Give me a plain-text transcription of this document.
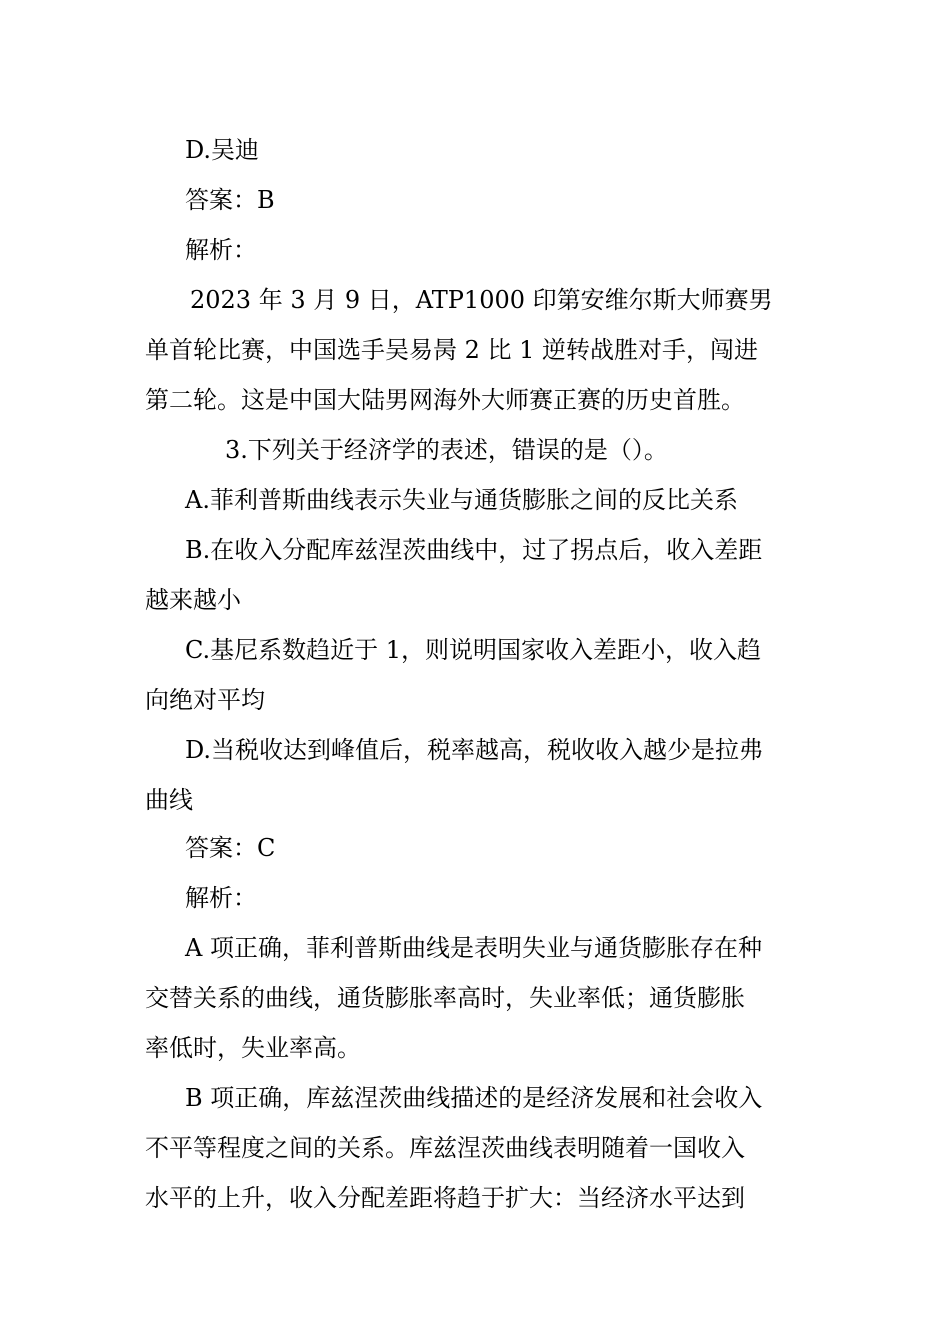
D.吴迪
答案：B
解析：
2023 年 3 月 9 日，ATP1000 印第安维尔斯大师赛男
单首轮比赛，中国选手吴易昺 2 比 1 逆转战胜对手，闯进
第二轮。这是中国大陆男网海外大师赛正赛的历史首胜。
3.下列关于经济学的表述，错误的是（）。
A.菲利普斯曲线表示失业与通货膨胀之间的反比关系
B.在收入分配库兹涅茨曲线中，过了拐点后，收入差距
越来越小
C.基尼系数趋近于 1，则说明国家收入差距小，收入趋
向绝对平均
D.当税收达到峰值后，税率越高，税收收入越少是拉弗
曲线
答案：C
解析：
A 项正确，菲利普斯曲线是表明失业与通货膨胀存在种
交替关系的曲线，通货膨胀率高时，失业率低；通货膨胀
率低时，失业率高。
B 项正确，库兹涅茨曲线描述的是经济发展和社会收入
不平等程度之间的关系。库兹涅茨曲线表明随着一国收入
水平的上升，收入分配差距将趋于扩大：当经济水平达到
